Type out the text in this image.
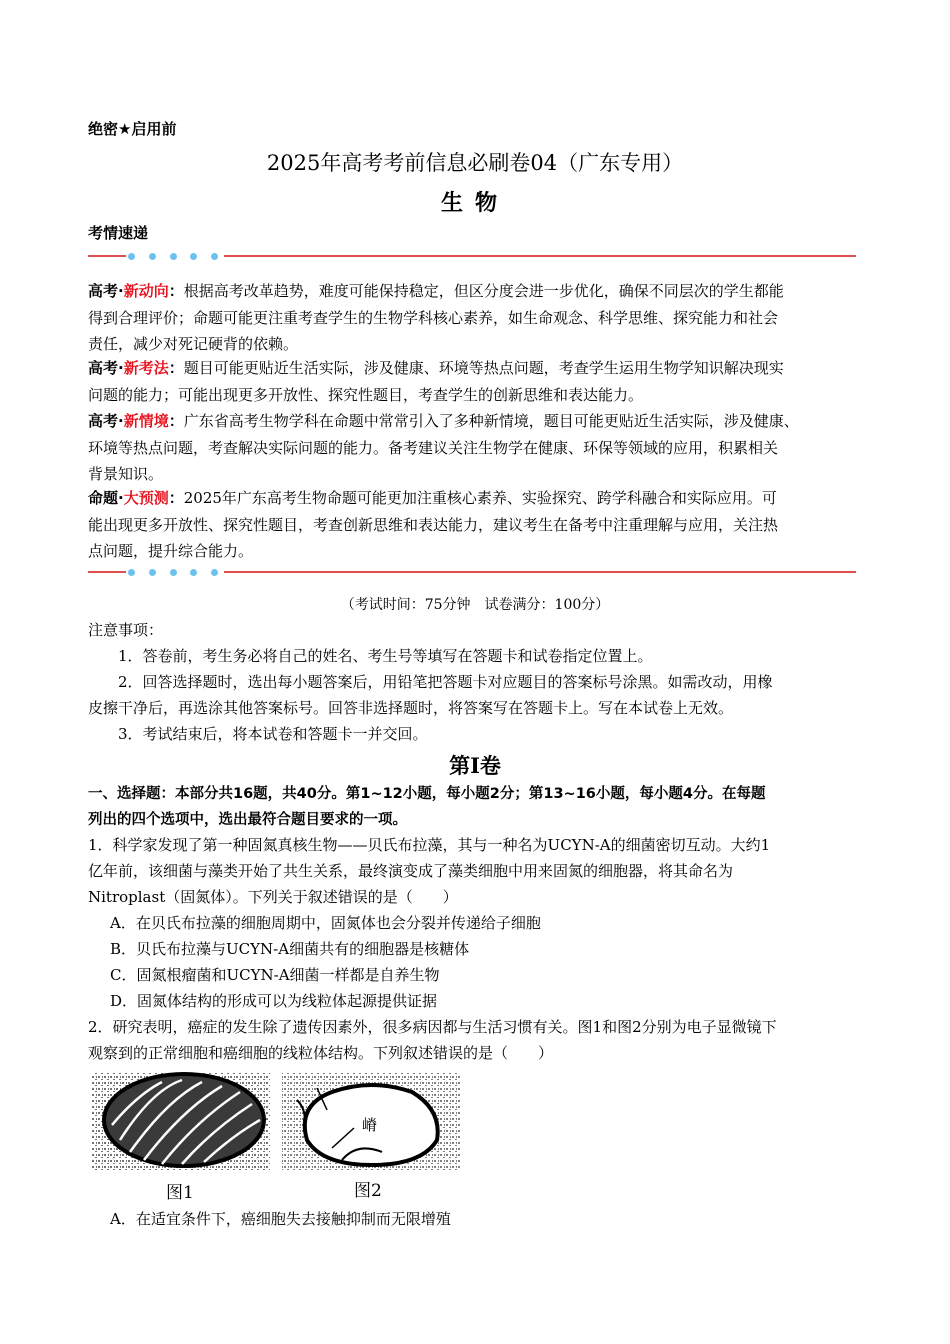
绝密★启用前
2025年高考考前信息必刷卷04（广东专用）
生物
考情速递
高考·新动向：根据高考改革趋势，难度可能保持稳定，但区分度会进一步优化，确保不同层次的学生都能
得到合理评价；命题可能更注重考查学生的生物学科核心素养，如生命观念、科学思维、探究能力和社会
责任，减少对死记硬背的依赖。
高考·新考法：题目可能更贴近生活实际，涉及健康、环境等热点问题，考查学生运用生物学知识解决现实
问题的能力；可能出现更多开放性、探究性题目，考查学生的创新思维和表达能力。
高考·新情境：广东省高考生物学科在命题中常常引入了多种新情境，题目可能更贴近生活实际，涉及健康、
环境等热点问题，考查解决实际问题的能力。备考建议关注生物学在健康、环保等领域的应用，积累相关
背景知识。
命题·大预测：2025年广东高考生物命题可能更加注重核心素养、实验探究、跨学科融合和实际应用。可
能出现更多开放性、探究性题目，考查创新思维和表达能力，建议考生在备考中注重理解与应用，关注热
点问题，提升综合能力。
（考试时间：75分钟　试卷满分：100分）
注意事项：
1．答卷前，考生务必将自己的姓名、考生号等填写在答题卡和试卷指定位置上。
2．回答选择题时，选出每小题答案后，用铅笔把答题卡对应题目的答案标号涂黑。如需改动，用橡
皮擦干净后，再选涂其他答案标号。回答非选择题时，将答案写在答题卡上。写在本试卷上无效。
3．考试结束后，将本试卷和答题卡一并交回。
第Ⅰ卷
一、选择题：本部分共16题，共40分。第1~12小题，每小题2分；第13~16小题，每小题4分。在每题
列出的四个选项中，选出最符合题目要求的一项。
1．科学家发现了第一种固氮真核生物——贝氏布拉藻，其与一种名为UCYN-A的细菌密切互动。大约1
亿年前，该细菌与藻类开始了共生关系，最终演变成了藻类细胞中用来固氮的细胞器，将其命名为
Nitroplast（固氮体）。下列关于叙述错误的是（　　）
A．在贝氏布拉藻的细胞周期中，固氮体也会分裂并传递给子细胞
B．贝氏布拉藻与UCYN-A细菌共有的细胞器是核糖体
C．固氮根瘤菌和UCYN-A细菌一样都是自养生物
D．固氮体结构的形成可以为线粒体起源提供证据
2．研究表明，癌症的发生除了遗传因素外，很多病因都与生活习惯有关。图1和图2分别为电子显微镜下
观察到的正常细胞和癌细胞的线粒体结构。下列叙述错误的是（　　）
嵴
图1	图2
A．在适宜条件下，癌细胞失去接触抑制而无限增殖
